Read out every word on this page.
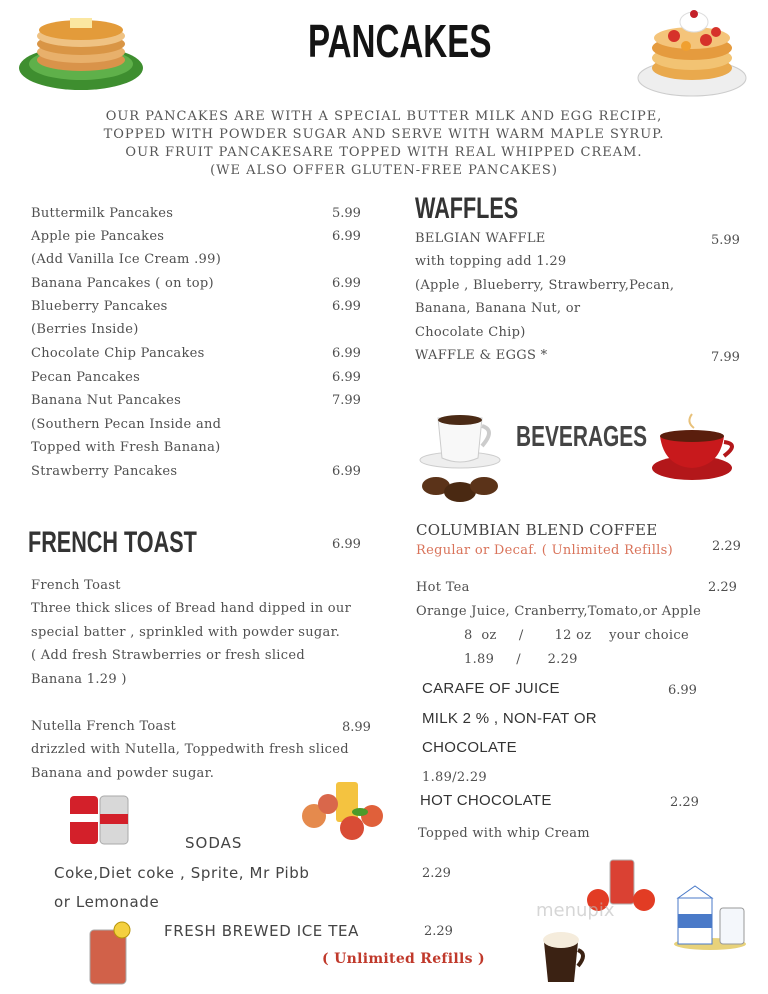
PANCAKES
OUR PANCAKES ARE WITH A SPECIAL BUTTER MILK AND EGG RECIPE,
TOPPED WITH POWDER SUGAR AND SERVE WITH WARM MAPLE SYRUP.
OUR FRUIT PANCAKESARE TOPPED WITH REAL WHIPPED CREAM.
(WE ALSO OFFER GLUTEN-FREE PANCAKES)
Buttermilk Pancakes	5.99
Apple pie Pancakes	6.99
(Add Vanilla Ice Cream .99)
Banana Pancakes ( on top)	6.99
Blueberry Pancakes	6.99
(Berries Inside)
Chocolate Chip Pancakes	6.99
Pecan Pancakes	6.99
Banana Nut Pancakes	7.99
(Southern Pecan Inside and
Topped with Fresh Banana)
Strawberry Pancakes	6.99
WAFFLES
BELGIAN WAFFLE	5.99
with topping add 1.29
(Apple , Blueberry, Strawberry,Pecan,
Banana, Banana Nut, or
Chocolate Chip)
WAFFLE & EGGS *	7.99
BEVERAGES
COLUMBIAN BLEND COFFEE
Regular or Decaf. ( Unlimited Refills)	2.29
Hot Tea	2.29
Orange Juice, Cranberry,Tomato,or Apple
8  oz     /       12 oz    your choice
1.89     /      2.29
CARAFE OF JUICE	6.99
MILK 2 % , NON-FAT OR
CHOCOLATE
1.89/2.29
HOT CHOCOLATE	2.29
Topped with whip Cream
FRENCH TOAST	6.99
French Toast
Three thick slices of Bread hand dipped in our
special batter , sprinkled with powder sugar.
( Add fresh Strawberries or fresh sliced
Banana 1.29 )
Nutella French Toast	8.99
drizzled with Nutella, Toppedwith fresh sliced
Banana and powder sugar.
SODAS
Coke,Diet coke , Sprite, Mr Pibb
or Lemonade
2.29
FRESH BREWED ICE TEA	2.29
( Unlimited Refills )
menupix
